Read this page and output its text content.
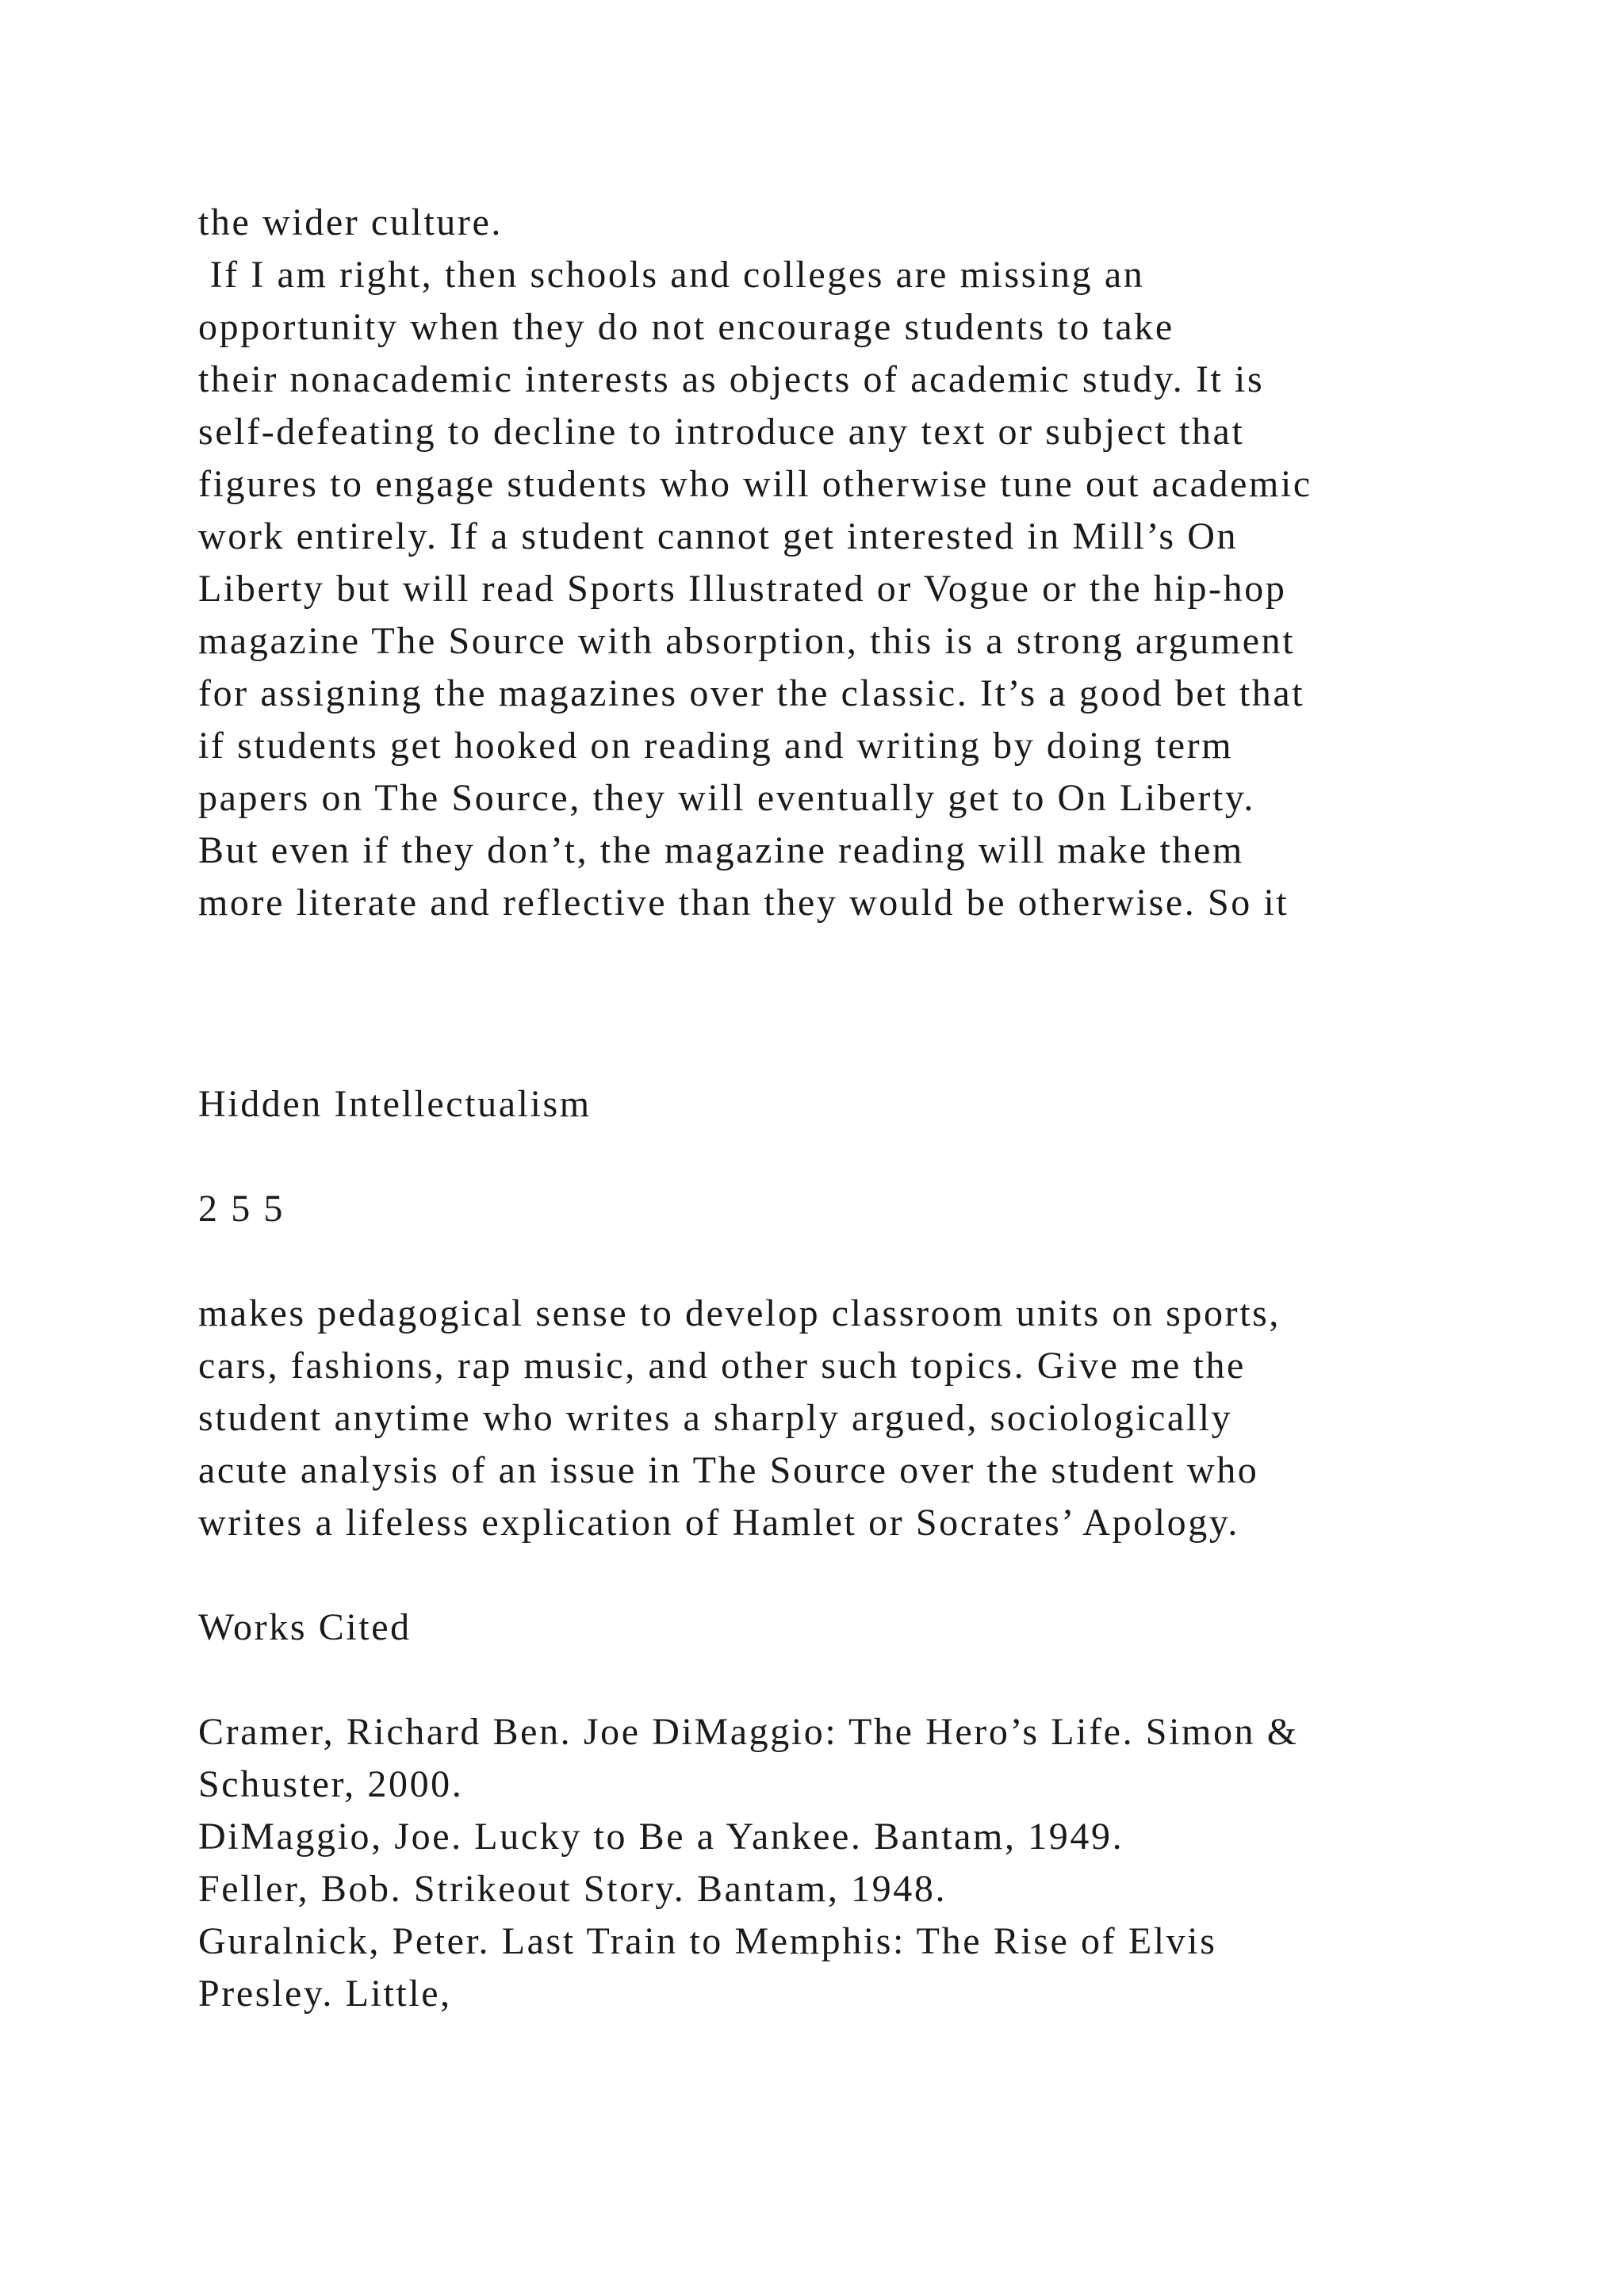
the wider culture.
If I am right, then schools and colleges are missing an
opportunity when they do not encourage students to take
their nonacademic interests as objects of academic study. It is
self-defeating to decline to introduce any text or subject that
figures to engage students who will otherwise tune out academic
work entirely. If a student cannot get interested in Mill’s On
Liberty but will read Sports Illustrated or Vogue or the hip-hop
magazine The Source with absorption, this is a strong argument
for assigning the magazines over the classic. It’s a good bet that
if students get hooked on reading and writing by doing term
papers on The Source, they will eventually get to On Liberty.
But even if they don’t, the magazine reading will make them
more literate and reflective than they would be otherwise. So it
Hidden Intellectualism
2 5 5
makes pedagogical sense to develop classroom units on sports,
cars, fashions, rap music, and other such topics. Give me the
student anytime who writes a sharply argued, sociologically
acute analysis of an issue in The Source over the student who
writes a lifeless explication of Hamlet or Socrates’ Apology.
Works Cited
Cramer, Richard Ben. Joe DiMaggio: The Hero’s Life. Simon &
Schuster, 2000.
DiMaggio, Joe. Lucky to Be a Yankee. Bantam, 1949.
Feller, Bob. Strikeout Story. Bantam, 1948.
Guralnick, Peter. Last Train to Memphis: The Rise of Elvis
Presley. Little,
